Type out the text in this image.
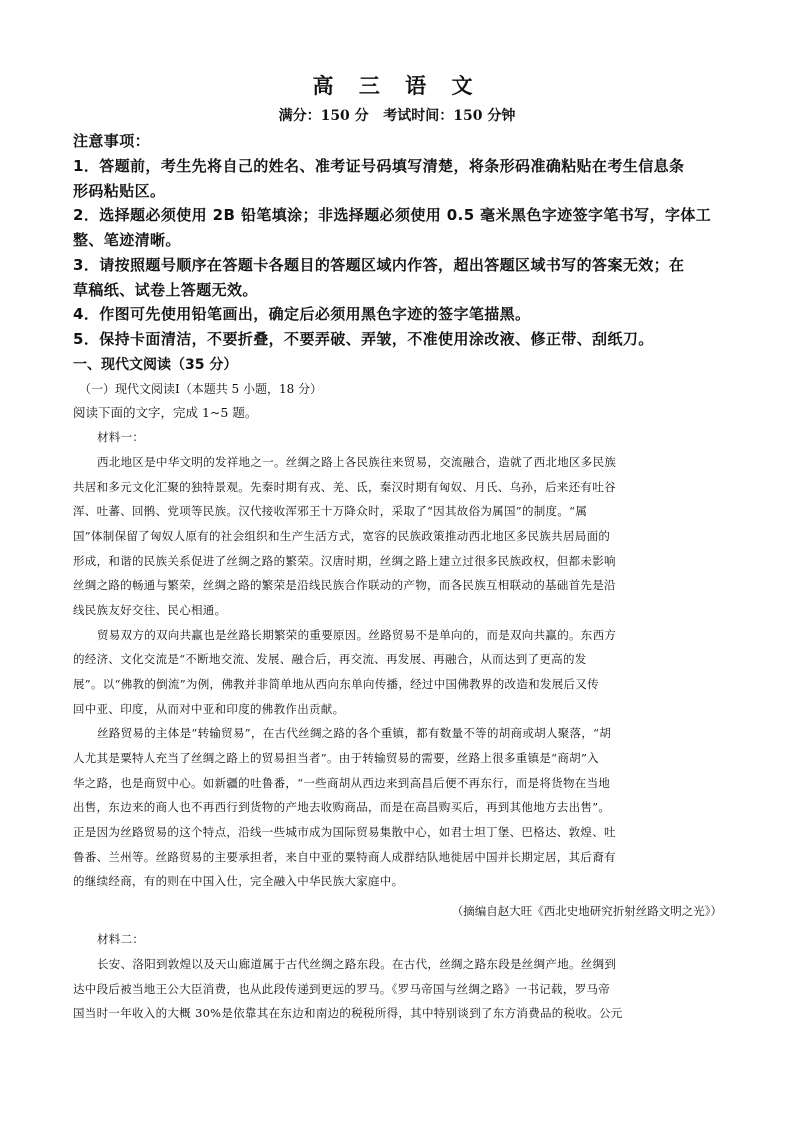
高 三 语 文
满分：150 分   考试时间：150 分钟
注意事项：
1．答题前，考生先将自己的姓名、准考证号码填写清楚，将条形码准确粘贴在考生信息条
形码粘贴区。
2．选择题必须使用 2B 铅笔填涂；非选择题必须使用 0.5 毫米黑色字迹签字笔书写，字体工
整、笔迹清晰。
3．请按照题号顺序在答题卡各题目的答题区域内作答，超出答题区域书写的答案无效；在
草稿纸、试卷上答题无效。
4．作图可先使用铅笔画出，确定后必须用黑色字迹的签字笔描黑。
5．保持卡面清洁，不要折叠，不要弄破、弄皱，不准使用涂改液、修正带、刮纸刀。
一、现代文阅读（35 分）
（一）现代文阅读I（本题共 5 小题，18 分）
阅读下面的文字，完成 1~5 题。
材料一：
西北地区是中华文明的发祥地之一。丝绸之路上各民族往来贸易，交流融合，造就了西北地区多民族
共居和多元文化汇聚的独特景观。先秦时期有戎、羌、氐，秦汉时期有匈奴、月氏、乌孙，后来还有吐谷
浑、吐蕃、回鹘、党项等民族。汉代接收浑邪王十万降众时，采取了“因其故俗为属国”的制度。“属
国”体制保留了匈奴人原有的社会组织和生产生活方式，宽容的民族政策推动西北地区多民族共居局面的
形成，和谐的民族关系促进了丝绸之路的繁荣。汉唐时期，丝绸之路上建立过很多民族政权，但都未影响
丝绸之路的畅通与繁荣，丝绸之路的繁荣是沿线民族合作联动的产物，而各民族互相联动的基础首先是沿
线民族友好交往、民心相通。
贸易双方的双向共赢也是丝路长期繁荣的重要原因。丝路贸易不是单向的，而是双向共赢的。东西方
的经济、文化交流是“不断地交流、发展、融合后，再交流、再发展、再融合，从而达到了更高的发
展”。以“佛教的倒流”为例，佛教并非简单地从西向东单向传播，经过中国佛教界的改造和发展后又传
回中亚、印度，从而对中亚和印度的佛教作出贡献。
丝路贸易的主体是“转输贸易”，在古代丝绸之路的各个重镇，都有数量不等的胡商或胡人聚落，“胡
人尤其是粟特人充当了丝绸之路上的贸易担当者”。由于转输贸易的需要，丝路上很多重镇是“商胡”入
华之路，也是商贸中心。如新疆的吐鲁番，“一些商胡从西边来到高昌后便不再东行，而是将货物在当地
出售，东边来的商人也不再西行到货物的产地去收购商品，而是在高昌购买后，再到其他地方去出售”。
正是因为丝路贸易的这个特点，沿线一些城市成为国际贸易集散中心，如君士坦丁堡、巴格达、敦煌、吐
鲁番、兰州等。丝路贸易的主要承担者，来自中亚的粟特商人成群结队地徙居中国并长期定居，其后裔有
的继续经商，有的则在中国入仕，完全融入中华民族大家庭中。
（摘编自赵大旺《西北史地研究折射丝路文明之光》）
材料二：
长安、洛阳到敦煌以及天山廊道属于古代丝绸之路东段。在古代，丝绸之路东段是丝绸产地。丝绸到
达中段后被当地王公大臣消费，也从此段传递到更远的罗马。《罗马帝国与丝绸之路》一书记载，罗马帝
国当时一年收入的大概 30%是依靠其在东边和南边的税税所得，其中特别谈到了东方消费品的税收。公元
